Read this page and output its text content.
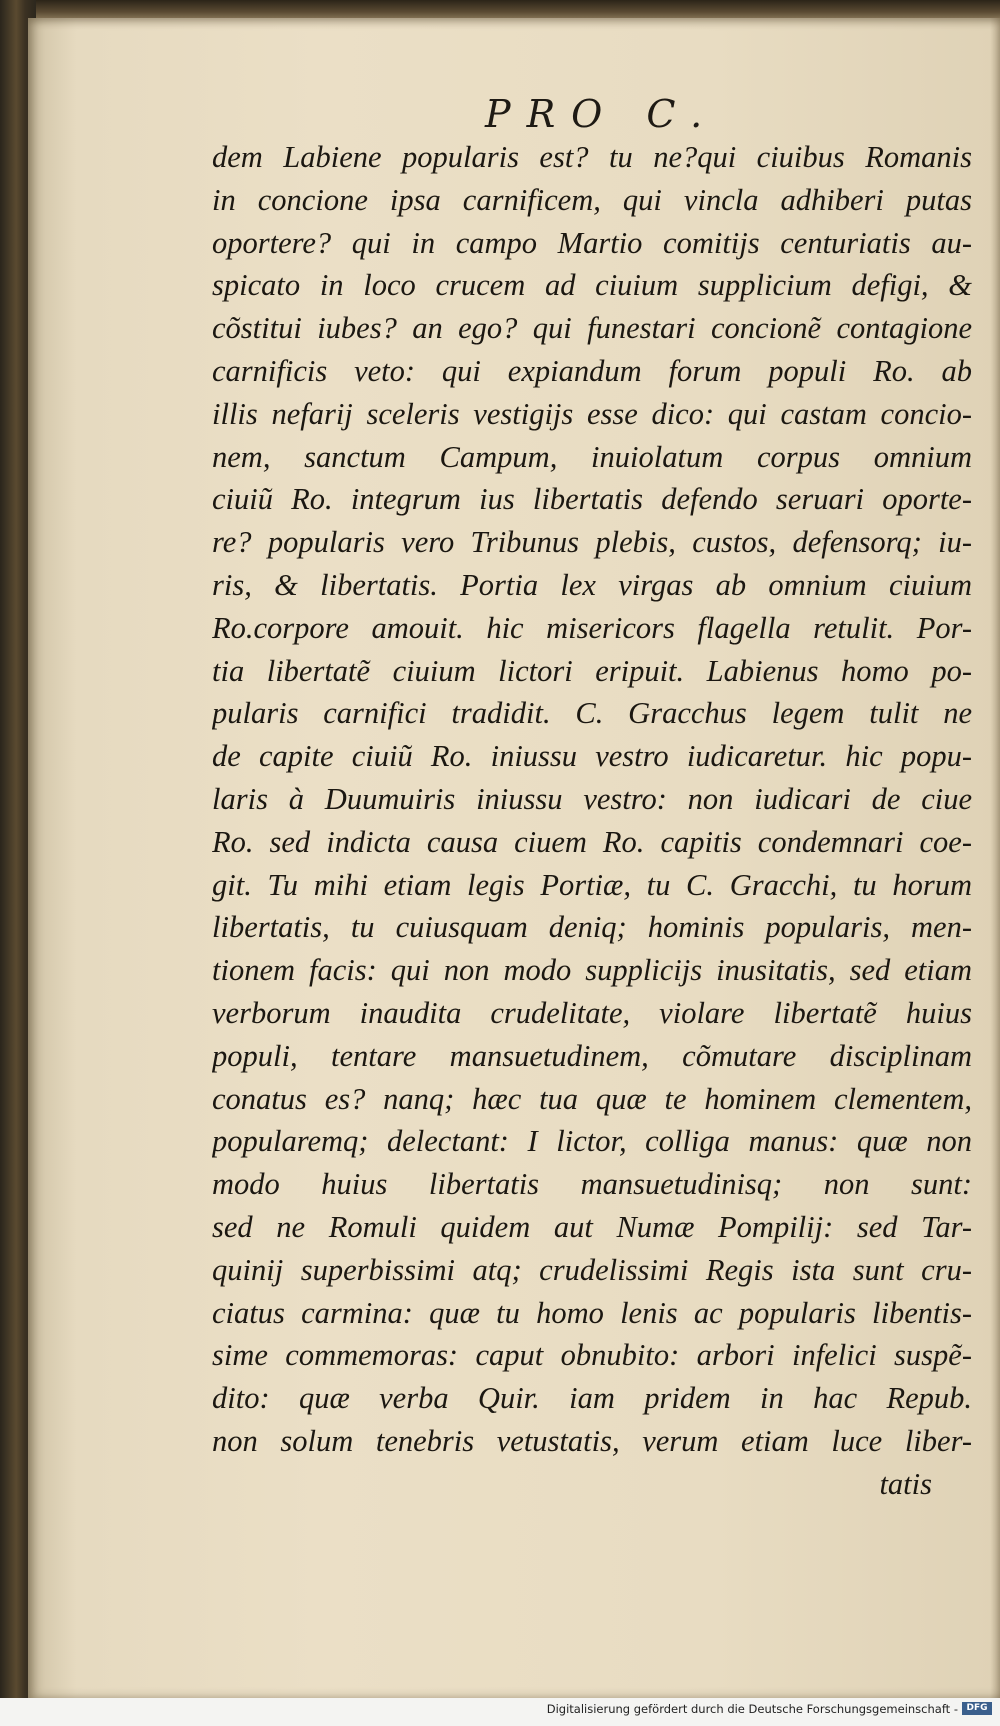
PRO C.
dem Labiene popularis est? tu ne?qui ciuibus Romanis
in concione ipsa carnificem, qui vincla adhiberi putas
oportere? qui in campo Martio comitijs centuriatis au-
spicato in loco crucem ad ciuium supplicium defigi, &
cõstitui iubes? an ego? qui funestari concionẽ contagione
carnificis veto: qui expiandum forum populi Ro. ab
illis nefarij sceleris vestigijs esse dico: qui castam concio-
nem, sanctum Campum, inuiolatum corpus omnium
ciuiũ Ro. integrum ius libertatis defendo seruari oporte-
re? popularis vero Tribunus plebis, custos, defensorq; iu-
ris, & libertatis. Portia lex virgas ab omnium ciuium
Ro.corpore amouit. hic misericors flagella retulit. Por-
tia libertatẽ ciuium lictori eripuit. Labienus homo po-
pularis carnifici tradidit. C. Gracchus legem tulit ne
de capite ciuiũ Ro. iniussu vestro iudicaretur. hic popu-
laris à Duumuiris iniussu vestro: non iudicari de ciue
Ro. sed indicta causa ciuem Ro. capitis condemnari coe-
git. Tu mihi etiam legis Portiæ, tu C. Gracchi, tu horum
libertatis, tu cuiusquam deniq; hominis popularis, men-
tionem facis: qui non modo supplicijs inusitatis, sed etiam
verborum inaudita crudelitate, violare libertatẽ huius
populi, tentare mansuetudinem, cõmutare disciplinam
conatus es? nanq; hæc tua quæ te hominem clementem,
popularemq; delectant: I lictor, colliga manus: quæ non
modo huius libertatis mansuetudinisq; non sunt:
sed ne Romuli quidem aut Numæ Pompilij: sed Tar-
quinij superbissimi atq; crudelissimi Regis ista sunt cru-
ciatus carmina: quæ tu homo lenis ac popularis libentis-
sime commemoras: caput obnubito: arbori infelici suspẽ-
dito: quæ verba Quir. iam pridem in hac Repub.
non solum tenebris vetustatis, verum etiam luce liber-
tatis
Digitalisierung gefördert durch die Deutsche Forschungsgemeinschaft - DFG
